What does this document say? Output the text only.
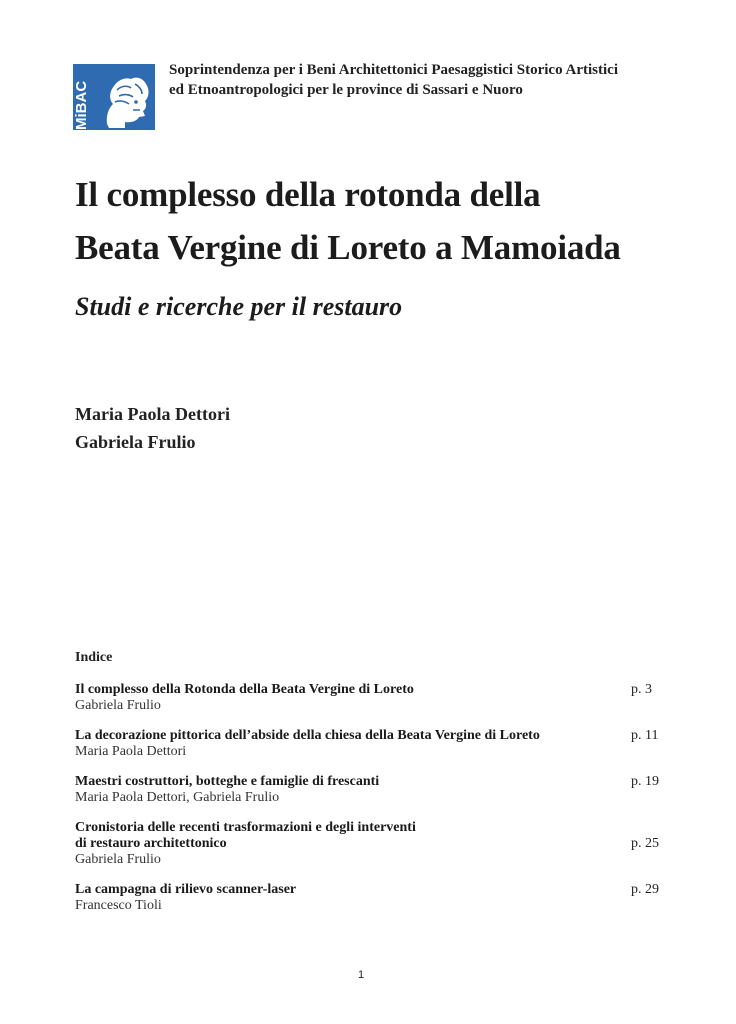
MiBAC
Soprintendenza per i Beni Architettonici Paesaggistici Storico Artistici
ed Etnoantropologici per le province di Sassari e Nuoro
Il complesso della rotonda della
Beata Vergine di Loreto a Mamoiada
Studi e ricerche per il restauro
Maria Paola Dettori
Gabriela Frulio
Indice
Il complesso della Rotonda della Beata Vergine di Loreto
Gabriela Frulio
p. 3
La decorazione pittorica dell’abside della chiesa della Beata Vergine di Loreto
Maria Paola Dettori
p. 11
Maestri costruttori, botteghe e famiglie di frescanti
Maria Paola Dettori, Gabriela Frulio
p. 19
Cronistoria delle recenti trasformazioni e degli interventi
di restauro architettonico
Gabriela Frulio
p. 25
La campagna di rilievo scanner-laser
Francesco Tioli
p. 29
1
